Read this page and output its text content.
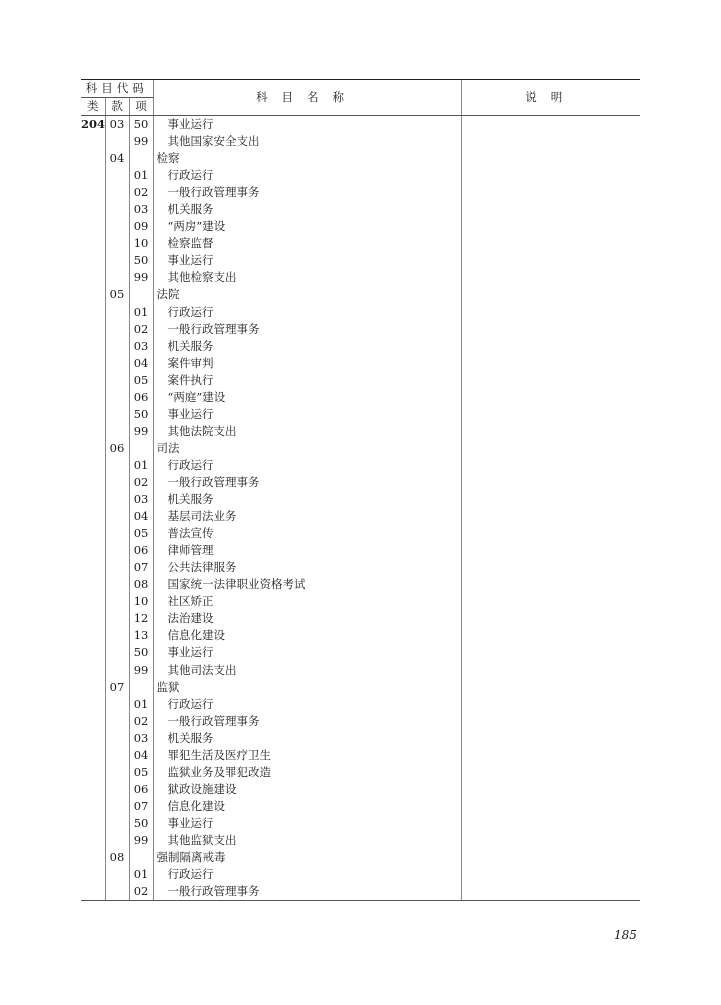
科目代码			科目名称	说明
类	款	项		
204	03	50	事业运行	
		99	其他国家安全支出	
	04		检察	
		01	行政运行	
		02	一般行政管理事务	
		03	机关服务	
		09	“两房”建设	
		10	检察监督	
		50	事业运行	
		99	其他检察支出	
	05		法院	
		01	行政运行	
		02	一般行政管理事务	
		03	机关服务	
		04	案件审判	
		05	案件执行	
		06	“两庭”建设	
		50	事业运行	
		99	其他法院支出	
	06		司法	
		01	行政运行	
		02	一般行政管理事务	
		03	机关服务	
		04	基层司法业务	
		05	普法宣传	
		06	律师管理	
		07	公共法律服务	
		08	国家统一法律职业资格考试	
		10	社区矫正	
		12	法治建设	
		13	信息化建设	
		50	事业运行	
		99	其他司法支出	
	07		监狱	
		01	行政运行	
		02	一般行政管理事务	
		03	机关服务	
		04	罪犯生活及医疗卫生	
		05	监狱业务及罪犯改造	
		06	狱政设施建设	
		07	信息化建设	
		50	事业运行	
		99	其他监狱支出	
	08		强制隔离戒毒	
		01	行政运行	
		02	一般行政管理事务	
185
